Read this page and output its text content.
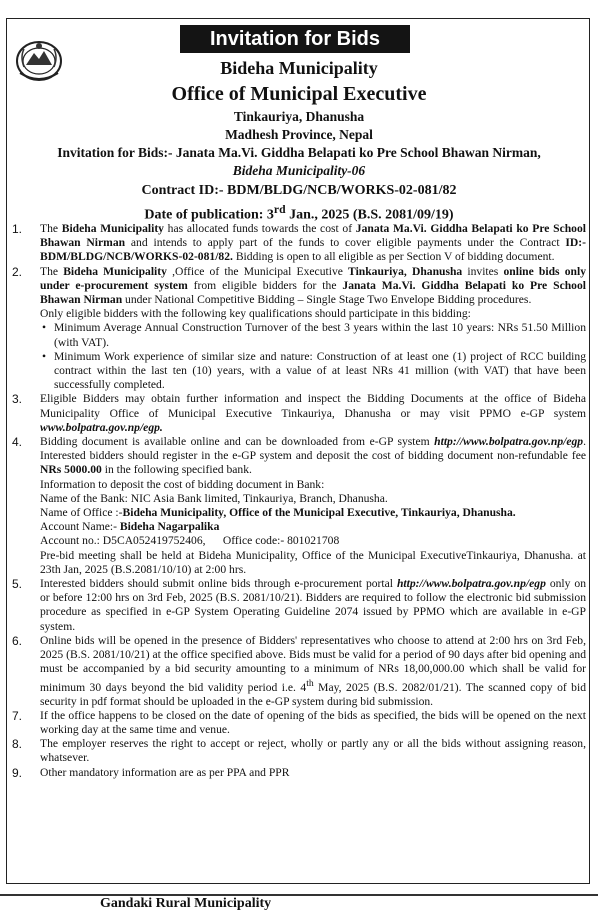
Invitation for Bids
Bideha Municipality
Office of Municipal Executive
Tinkauriya, Dhanusha
Madhesh Province, Nepal
Invitation for Bids:- Janata Ma.Vi. Giddha Belapati ko Pre School Bhawan Nirman,
Bideha Municipality-06
Contract ID:- BDM/BLDG/NCB/WORKS-02-081/82
Date of publication: 3rd Jan., 2025 (B.S. 2081/09/19)
1. The Bideha Municipality has allocated funds towards the cost of Janata Ma.Vi. Giddha Belapati ko Pre School Bhawan Nirman and intends to apply part of the funds to cover eligible payments under the Contract ID:- BDM/BLDG/NCB/WORKS-02-081/82. Bidding is open to all eligible as per Section V of bidding document.
2. The Bideha Municipality ,Office of the Municipal Executive Tinkauriya, Dhanusha invites online bids only under e-procurement system from eligible bidders for the Janata Ma.Vi. Giddha Belapati ko Pre School Bhawan Nirman under National Competitive Bidding – Single Stage Two Envelope Bidding procedures.
Only eligible bidders with the following key qualifications should participate in this bidding:
• Minimum Average Annual Construction Turnover of the best 3 years within the last 10 years: NRs 51.50 Million (with VAT).
• Minimum Work experience of similar size and nature: Construction of at least one (1) project of RCC building contract within the last ten (10) years, with a value of at least NRs 41 million (with VAT) that have been successfully completed.
3. Eligible Bidders may obtain further information and inspect the Bidding Documents at the office of Bideha Municipality Office of Municipal Executive Tinkauriya, Dhanusha or may visit PPMO e-GP system www.bolpatra.gov.np/egp.
4. Bidding document is available online and can be downloaded from e-GP system http://www.bolpatra.gov.np/egp. Interested bidders should register in the e-GP system and deposit the cost of bidding document non-refundable fee NRs 5000.00 in the following specified bank.
Information to deposit the cost of bidding document in Bank:
Name of the Bank: NIC Asia Bank limited, Tinkauriya, Branch, Dhanusha.
Name of Office :-Bideha Municipality, Office of the Municipal Executive, Tinkauriya, Dhanusha.
Account Name:- Bideha Nagarpalika
Account no.: D5CA052419752406,      Office code:- 801021708
Pre-bid meeting shall be held at Bideha Municipality, Office of the Municipal ExecutiveTinkauriya, Dhanusha. at 23th Jan, 2025 (B.S.2081/10/10) at 2:00 hrs.
5. Interested bidders should submit online bids through e-procurement portal http://www.bolpatra.gov.np/egp only on or before 12:00 hrs on 3rd Feb, 2025 (B.S. 2081/10/21). Bidders are required to follow the electronic bid submission procedure as specified in e-GP System Operating Guideline 2074 issued by PPMO which are available in e-GP system.
6. Online bids will be opened in the presence of Bidders' representatives who choose to attend at 2:00 hrs on 3rd Feb, 2025 (B.S. 2081/10/21) at the office specified above. Bids must be valid for a period of 90 days after bid opening and must be accompanied by a bid security amounting to a minimum of NRs 18,00,000.00 which shall be valid for minimum 30 days beyond the bid validity period i.e. 4th May, 2025 (B.S. 2082/01/21). The scanned copy of bid security in pdf format should be uploaded in the e-GP system during bid submission.
7. If the office happens to be closed on the date of opening of the bids as specified, the bids will be opened on the next working day at the same time and venue.
8. The employer reserves the right to accept or reject, wholly or partly any or all the bids without assigning reason, whatsever.
9. Other mandatory information are as per PPA and PPR
Gandaki Rural Municipality
